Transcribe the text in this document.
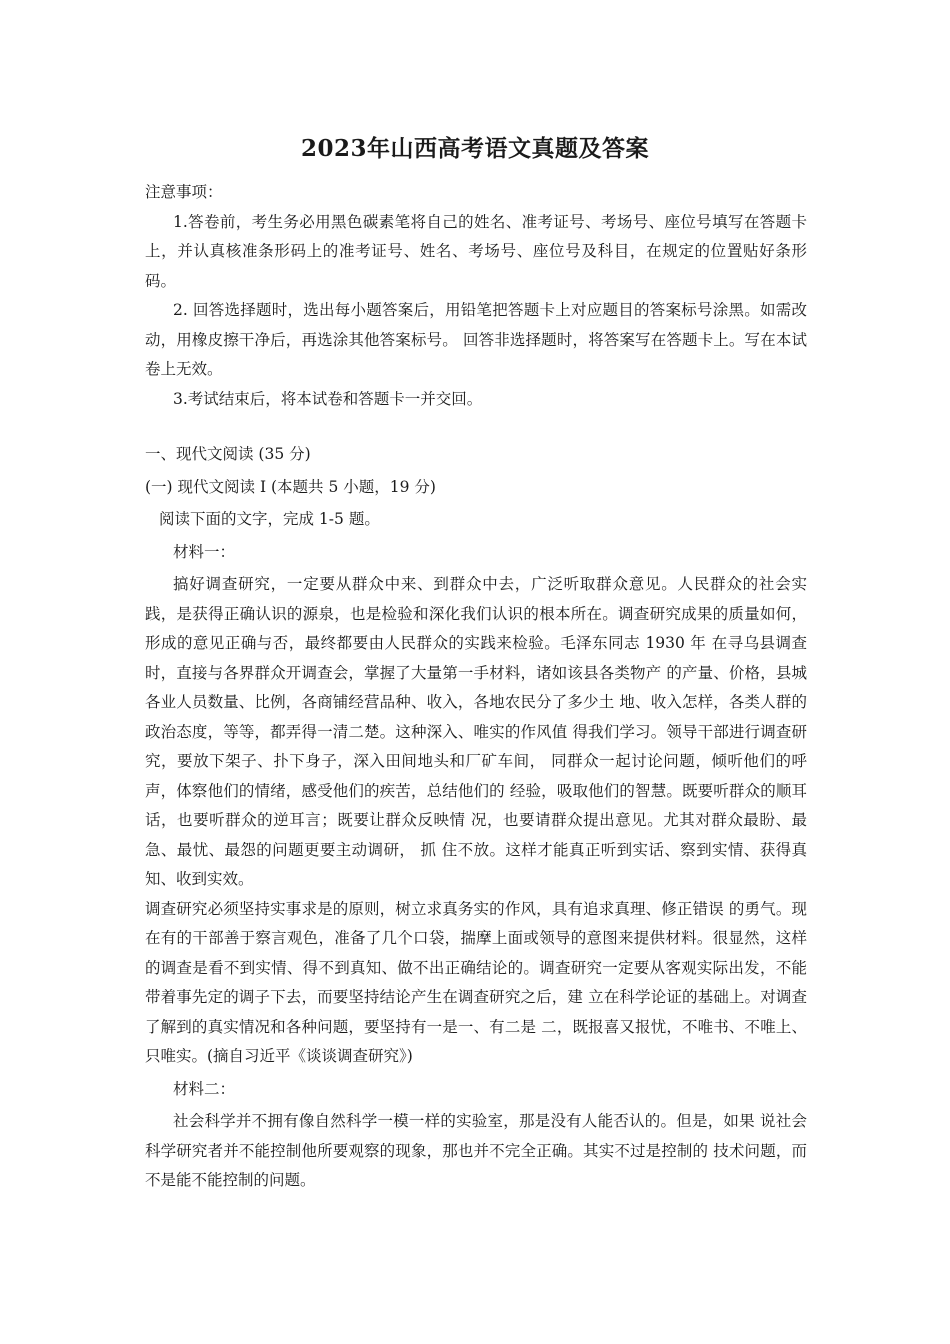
2023年山西高考语文真题及答案

注意事项：

1.答卷前，考生务必用黑色碳素笔将自己的姓名、准考证号、考场号、座位号填写在答题卡上，并认真核准条形码上的准考证号、姓名、考场号、座位号及科目，在规定的位置贴好条形码。

2. 回答选择题时，选出每小题答案后，用铅笔把答题卡上对应题目的答案标号涂黑。如需改动，用橡皮擦干净后，再选涂其他答案标号。 回答非选择题时，将答案写在答题卡上。写在本试卷上无效。

3.考试结束后，将本试卷和答题卡一并交回。

一、现代文阅读 (35 分)

(一) 现代文阅读 I (本题共 5 小题，19 分)

阅读下面的文字，完成 1-5 题。

材料一：

搞好调查研究，一定要从群众中来、到群众中去，广泛听取群众意见。人民群众的社会实践，是获得正确认识的源泉，也是检验和深化我们认识的根本所在。调查研究成果的质量如何，形成的意见正确与否，最终都要由人民群众的实践来检验。毛泽东同志 1930 年 在寻乌县调查时，直接与各界群众开调查会，掌握了大量第一手材料，诸如该县各类物产 的产量、价格，县城各业人员数量、比例，各商铺经营品种、收入，各地农民分了多少土 地、收入怎样，各类人群的政治态度，等等，都弄得一清二楚。这种深入、唯实的作风值 得我们学习。领导干部进行调查研究，要放下架子、扑下身子，深入田间地头和厂矿车间， 同群众一起讨论问题，倾听他们的呼声，体察他们的情绪，感受他们的疾苦，总结他们的 经验，吸取他们的智慧。既要听群众的顺耳话，也要听群众的逆耳言；既要让群众反映情 况，也要请群众提出意见。尤其对群众最盼、最急、最忧、最怨的问题更要主动调研， 抓 住不放。这样才能真正听到实话、察到实情、获得真知、收到实效。

调查研究必须坚持实事求是的原则，树立求真务实的作风，具有追求真理、修正错误 的勇气。现在有的干部善于察言观色，准备了几个口袋，揣摩上面或领导的意图来提供材料。很显然，这样的调查是看不到实情、得不到真知、做不出正确结论的。调查研究一定要从客观实际出发，不能带着事先定的调子下去，而要坚持结论产生在调查研究之后，建 立在科学论证的基础上。对调查了解到的真实情况和各种问题，要坚持有一是一、有二是 二，既报喜又报忧，不唯书、不唯上、只唯实。(摘自习近平《谈谈调查研究》)

材料二：

社会科学并不拥有像自然科学一模一样的实验室，那是没有人能否认的。但是，如果 说社会科学研究者并不能控制他所要观察的现象，那也并不完全正确。其实不过是控制的 技术问题，而不是能不能控制的问题。
